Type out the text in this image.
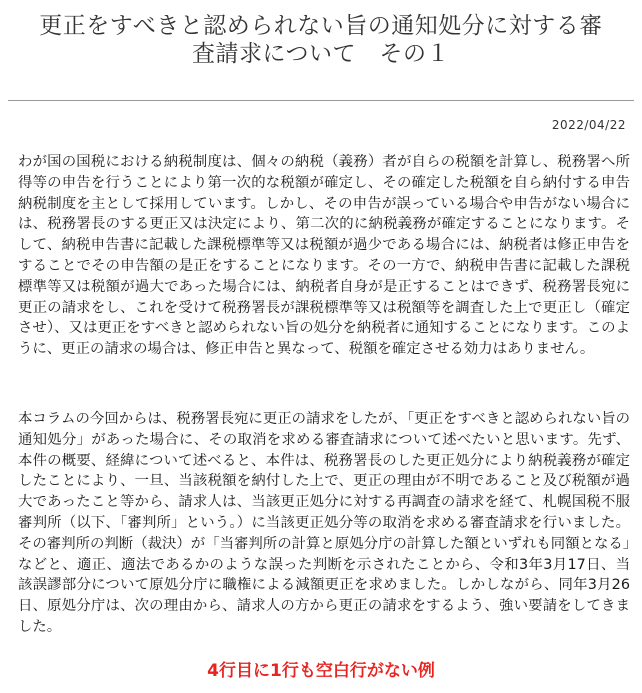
更正をすべきと認められない旨の通知処分に対する審
査請求について　その１
2022/04/22

わが国の国税における納税制度は、個々の納税（義務）者が自らの税額を計算し、税務署へ所得等の申告を行うことにより第一次的な税額が確定し、その確定した税額を自ら納付する申告納税制度を主として採用しています。しかし、その申告が誤っている場合や申告がない場合には、税務署長のする更正又は決定により、第二次的に納税義務が確定することになります。そして、納税申告書に記載した課税標準等又は税額が過少である場合には、納税者は修正申告をすることでその申告額の是正をすることになります。その一方で、納税申告書に記載した課税標準等又は税額が過大であった場合には、納税者自身が是正することはできず、税務署長宛に更正の請求をし、これを受けて税務署長が課税標準等又は税額等を調査した上で更正し（確定させ）、又は更正をすべきと認められない旨の処分を納税者に通知することになります。このように、更正の請求の場合は、修正申告と異なって、税額を確定させる効力はありません。

本コラムの今回からは、税務署長宛に更正の請求をしたが、「更正をすべきと認められない旨の通知処分」があった場合に、その取消を求める審査請求について述べたいと思います。先ず、本件の概要、経緯について述べると、本件は、税務署長のした更正処分により納税義務が確定したことにより、一旦、当該税額を納付した上で、更正の理由が不明であること及び税額が過大であったこと等から、請求人は、当該更正処分に対する再調査の請求を経て、札幌国税不服審判所（以下、「審判所」という。）に当該更正処分等の取消を求める審査請求を行いました。その審判所の判断（裁決）が「当審判所の計算と原処分庁の計算した額といずれも同額となる」などと、適正、適法であるかのような誤った判断を示されたことから、令和3年3月17日、当該誤謬部分について原処分庁に職権による減額更正を求めました。しかしながら、同年3月26日、原処分庁は、次の理由から、請求人の方から更正の請求をするよう、強い要請をしてきました。

4行目に1行も空白行がない例
